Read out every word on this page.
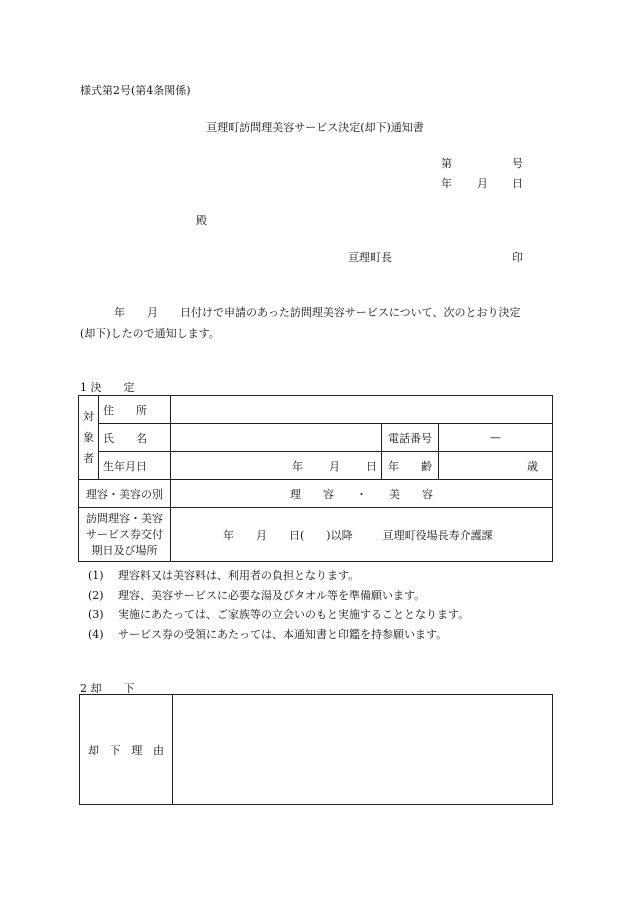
様式第2号(第4条関係)
亘理町訪問理美容サービス決定(却下)通知書
第	号
年 月 日
殿
亘理町長	印
年　　月　　日付けで申請のあった訪問理美容サービスについて、次のとおり決定
(却下)したので通知します。
1 決　　定
対
象
者	住　　所			
	氏　　名		電話番号	—
	生年月日	年 月 日	年　　齢	歳
理容・美容の別		理　　容　　・　　美　　容		

訪問理容・美容
サービス券交付
期日及び場所		年　　月　　日(　　)以降 亘理町役場長寿介護課		
(1) 理容料又は美容料は、利用者の負担となります。
(2) 理容、美容サービスに必要な湯及びタオル等を準備願います。
(3) 実施にあたっては、ご家族等の立会いのもと実施することとなります。
(4) サービス券の受領にあたっては、本通知書と印鑑を持参願います。
2 却　　下
却 下 理 由
